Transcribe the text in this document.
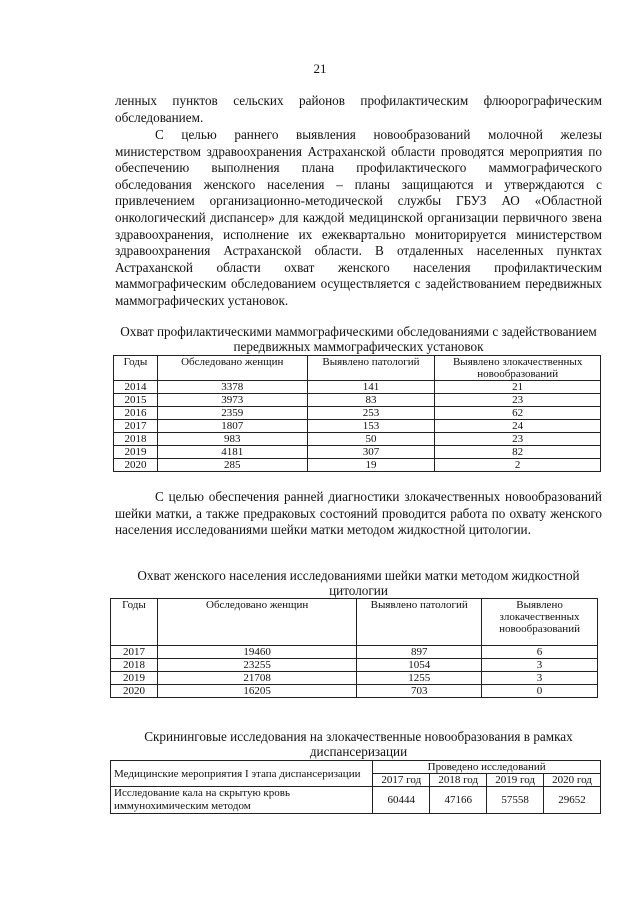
21

ленных пунктов сельских районов профилактическим флюорографическим обследованием.

С целью раннего выявления новообразований молочной железы министерством здравоохранения Астраханской области проводятся мероприятия по обеспечению выполнения плана профилактического маммографического обследования женского населения – планы защищаются и утверждаются с привлечением организационно-методической службы ГБУЗ АО «Областной онкологический диспансер» для каждой медицинской организации первичного звена здравоохранения, исполнение их ежеквартально мониторируется министерством здравоохранения Астраханской области. В отдаленных населенных пунктах Астраханской области охват женского населения профилактическим маммографическим обследованием осуществляется с задействованием передвижных маммографических установок.

Охват профилактическими маммографическими обследованиями с задействованием передвижных маммографических установок

Годы	Обследовано женщин	Выявлено патологий	Выявлено злокачественных новообразований
2014	3378	141	21
2015	3973	83	23
2016	2359	253	62
2017	1807	153	24
2018	983	50	23
2019	4181	307	82
2020	285	19	2

С целью обеспечения ранней диагностики злокачественных новообразований шейки матки, а также предраковых состояний проводится работа по охвату женского населения исследованиями шейки матки методом жидкостной цитологии.

Охват женского населения исследованиями шейки матки методом жидкостной цитологии

Годы	Обследовано женщин	Выявлено патологий	Выявлено злокачественных новообразований
2017	19460	897	6
2018	23255	1054	3
2019	21708	1255	3
2020	16205	703	0

Скрининговые исследования на злокачественные новообразования в рамках диспансеризации

Медицинские мероприятия I этапа диспансеризации	Проведено исследований			
	2017 год	2018 год	2019 год	2020 год
Исследование кала на скрытую кровь иммунохимическим методом	60444	47166	57558	29652
